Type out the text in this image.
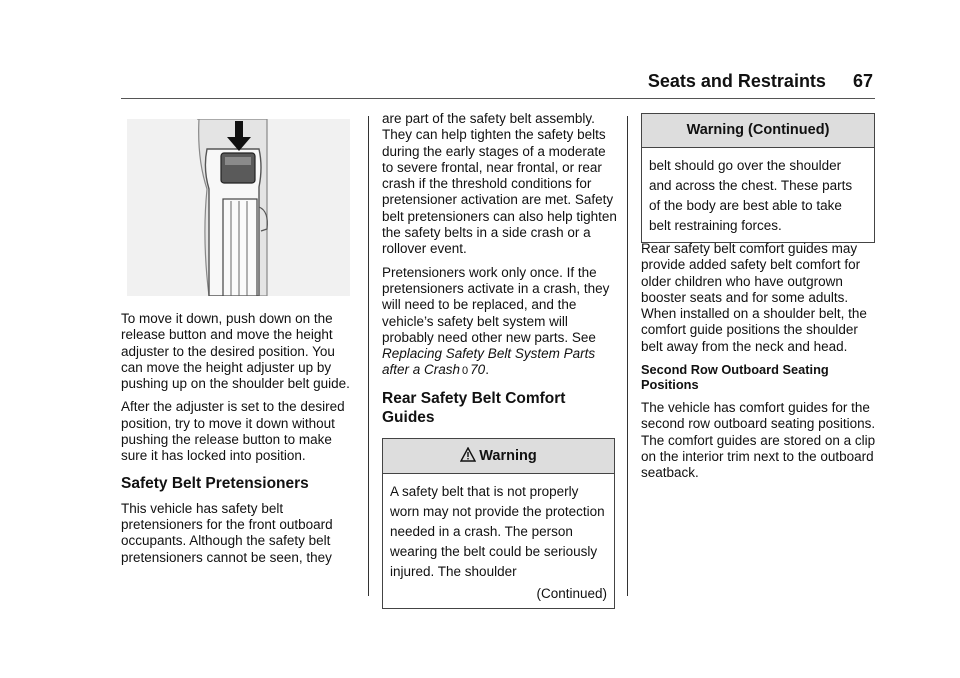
Seats and Restraints 67

To move it down, push down on the release button and move the height adjuster to the desired position. You can move the height adjuster up by pushing up on the shoulder belt guide.

After the adjuster is set to the desired position, try to move it down without pushing the release button to make sure it has locked into position.

Safety Belt Pretensioners

This vehicle has safety belt pretensioners for the front outboard occupants. Although the safety belt pretensioners cannot be seen, they

are part of the safety belt assembly. They can help tighten the safety belts during the early stages of a moderate to severe frontal, near frontal, or rear crash if the threshold conditions for pretensioner activation are met. Safety belt pretensioners can also help tighten the safety belts in a side crash or a rollover event.

Pretensioners work only once. If the pretensioners activate in a crash, they will need to be replaced, and the vehicle’s safety belt system will probably need other new parts. See Replacing Safety Belt System Parts after a Crash 0 70.

Rear Safety Belt Comfort Guides
Warning

A safety belt that is not properly worn may not provide the protection needed in a crash. The person wearing the belt could be seriously injured. The shoulder

(Continued)
Warning (Continued)

belt should go over the shoulder and across the chest. These parts of the body are best able to take belt restraining forces.

Rear safety belt comfort guides may provide added safety belt comfort for older children who have outgrown booster seats and for some adults. When installed on a shoulder belt, the comfort guide positions the shoulder belt away from the neck and head.

Second Row Outboard Seating Positions

The vehicle has comfort guides for the second row outboard seating positions. The comfort guides are stored on a clip on the interior trim next to the outboard seatback.
